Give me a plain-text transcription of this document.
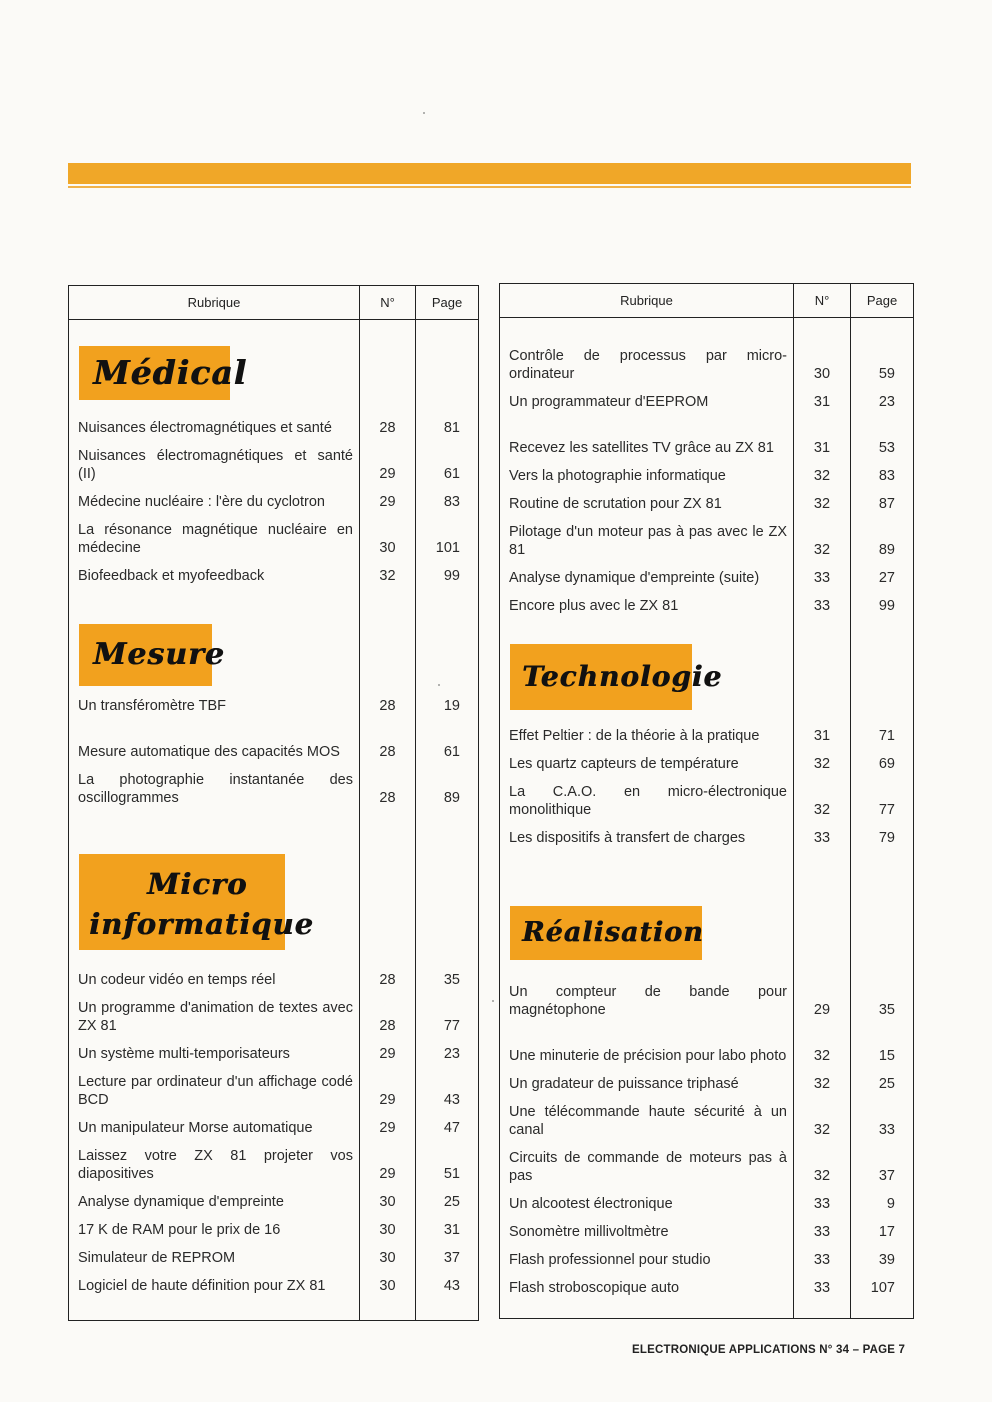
Rubrique	N°	Page
Médical		
Nuisances électromagnétiques et santé	28	81
Nuisances électromagnétiques et santé (II)	29	61
Médecine nucléaire : l'ère du cyclotron	29	83
La résonance magnétique nucléaire en médecine	30	101
Biofeedback et myofeedback	32	99
Mesure		
Un transféromètre TBF	28	19
Mesure automatique des capacités MOS	28	61
La photographie instantanée des oscillogrammes	28	89

Micro
informatique		

Un codeur vidéo en temps réel	28	35
Un programme d'animation de textes avec ZX 81	28	77
Un système multi-temporisateurs	29	23
Lecture par ordinateur d'un affichage codé BCD	29	43
Un manipulateur Morse automatique	29	47
Laissez votre ZX 81 projeter vos diapositives	29	51
Analyse dynamique d'empreinte	30	25
17 K de RAM pour le prix de 16	30	31
Simulateur de REPROM	30	37
Logiciel de haute définition pour ZX 81	30	43

Rubrique	N°	Page

Contrôle de processus par micro-ordinateur	30	59
Un programmateur d'EEPROM	31	23
Recevez les satellites TV grâce au ZX 81	31	53
Vers la photographie informatique	32	83
Routine de scrutation pour ZX 81	32	87
Pilotage d'un moteur pas à pas avec le ZX 81	32	89
Analyse dynamique d'empreinte (suite)	33	27
Encore plus avec le ZX 81	33	99
Technologie		
Effet Peltier : de la théorie à la pratique	31	71
Les quartz capteurs de température	32	69
La C.A.O. en micro-électronique monolithique	32	77
Les dispositifs à transfert de charges	33	79
Réalisation		
Un compteur de bande pour magnétophone	29	35
Une minuterie de précision pour labo photo	32	15
Un gradateur de puissance triphasé	32	25
Une télécommande haute sécurité à un canal	32	33
Circuits de commande de moteurs pas à pas	32	37
Un alcootest électronique	33	9
Sonomètre millivoltmètre	33	17
Flash professionnel pour studio	33	39
Flash stroboscopique auto	33	107

ELECTRONIQUE APPLICATIONS N° 34 – PAGE 7
